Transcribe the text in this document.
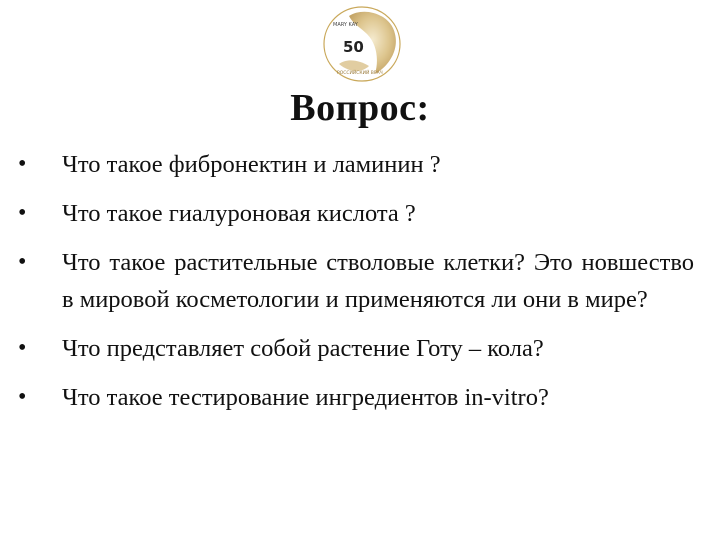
MARY KAY
50
РОССИЙСКИЙ ВРАЧ
Вопрос:
• Что такое фибронектин и ламинин ?
• Что такое гиалуроновая кислота ?
• Что такое растительные стволовые клетки? Это новшество в мировой косметологии и применяются ли они в мире?
• Что представляет собой растение Готу – кола?
• Что такое тестирование ингредиентов in-vitro?
